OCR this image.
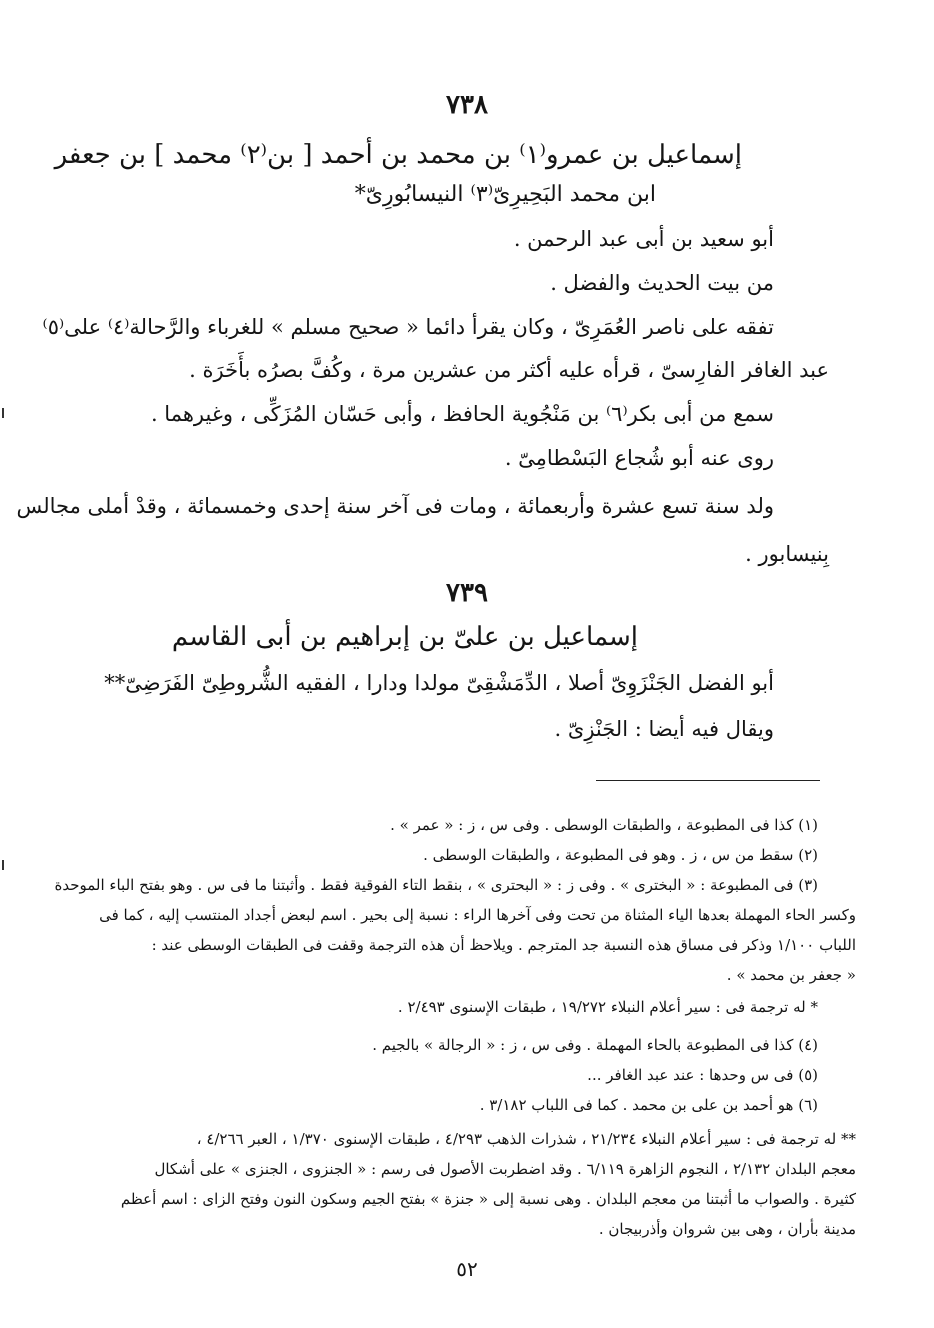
٧٣٨
إسماعيل بن عمرو⁽١⁾ بن محمد بن أحمد [ بن⁽٢⁾ محمد ] بن جعفر
ابن محمد البَحِيرِىّ⁽٣⁾ النيسابُورِىّ*
أبو سعيد بن أبى عبد الرحمن .
من بيت الحديث والفضل .
تفقه على ناصر العُمَرِىّ ، وكان يقرأ دائما « صحيح مسلم » للغرباء والرَّحالة⁽٤⁾ على⁽٥⁾
عبد الغافر الفارِسىّ ، قرأه عليه أكثر من عشرين مرة ، وكُفَّ بصرُه بأَخَرَة .
سمع من أبى بكر⁽٦⁾ بن مَنْجُوية الحافظ ، وأبى حَسّان المُزَكِّى ، وغيرهما .
روى عنه أبو شُجاع البَسْطامِىّ .
ولد سنة تسع عشرة وأربعمائة ، ومات فى آخر سنة إحدى وخمسمائة ، وقدْ أملى مجالس
بِنيسابور .
٧٣٩
إسماعيل بن علىّ بن إبراهيم بن أبى القاسم
أبو الفضل الجَنْزَوِىّ أصلا ، الدِّمَشْقِىّ مولدا ودارا ، الفقيه الشُّروطِىّ الفَرَضِىّ**
ويقال فيه أيضا : الجَنْزِىّ .
(١) كذا فى المطبوعة ، والطبقات الوسطى . وفى س ، ز : « عمر » .
(٢) سقط من س ، ز . وهو فى المطبوعة ، والطبقات الوسطى .
(٣) فى المطبوعة : « البخترى » . وفى ز : « البحترى » ، بنقط التاء الفوقية فقط . وأثبتنا ما فى س . وهو بفتح الباء الموحدة
وكسر الحاء المهملة بعدها الياء المثناة من تحت وفى آخرها الراء : نسبة إلى بحير . اسم لبعض أجداد المنتسب إليه ، كما فى
اللباب ١/١٠٠ وذكر فى مساق هذه النسبة جد المترجم . ويلاحظ أن هذه الترجمة وقفت فى الطبقات الوسطى عند :
« جعفر بن محمد » .
* له ترجمة فى : سير أعلام النبلاء ١٩/٢٧٢ ، طبقات الإسنوى ٢/٤٩٣ .
(٤) كذا فى المطبوعة بالحاء المهملة . وفى س ، ز : « الرجالة » بالجيم .
(٥) فى س وحدها : عند عبد الغافر ...
(٦) هو أحمد بن على بن محمد . كما فى اللباب ٣/١٨٢ .
** له ترجمة فى : سير أعلام النبلاء ٢١/٢٣٤ ، شذرات الذهب ٤/٢٩٣ ، طبقات الإسنوى ١/٣٧٠ ، العبر ٤/٢٦٦ ،
معجم البلدان ٢/١٣٢ ، النجوم الزاهرة ٦/١١٩ . وقد اضطربت الأصول فى رسم : « الجنزوى ، الجنزى » على أشكال
كثيرة . والصواب ما أثبتنا من معجم البلدان . وهى نسبة إلى « جنزة » بفتح الجيم وسكون النون وفتح الزاى : اسم أعظم
مدينة بأران ، وهى بين شروان وأذربيجان .
٥٢
